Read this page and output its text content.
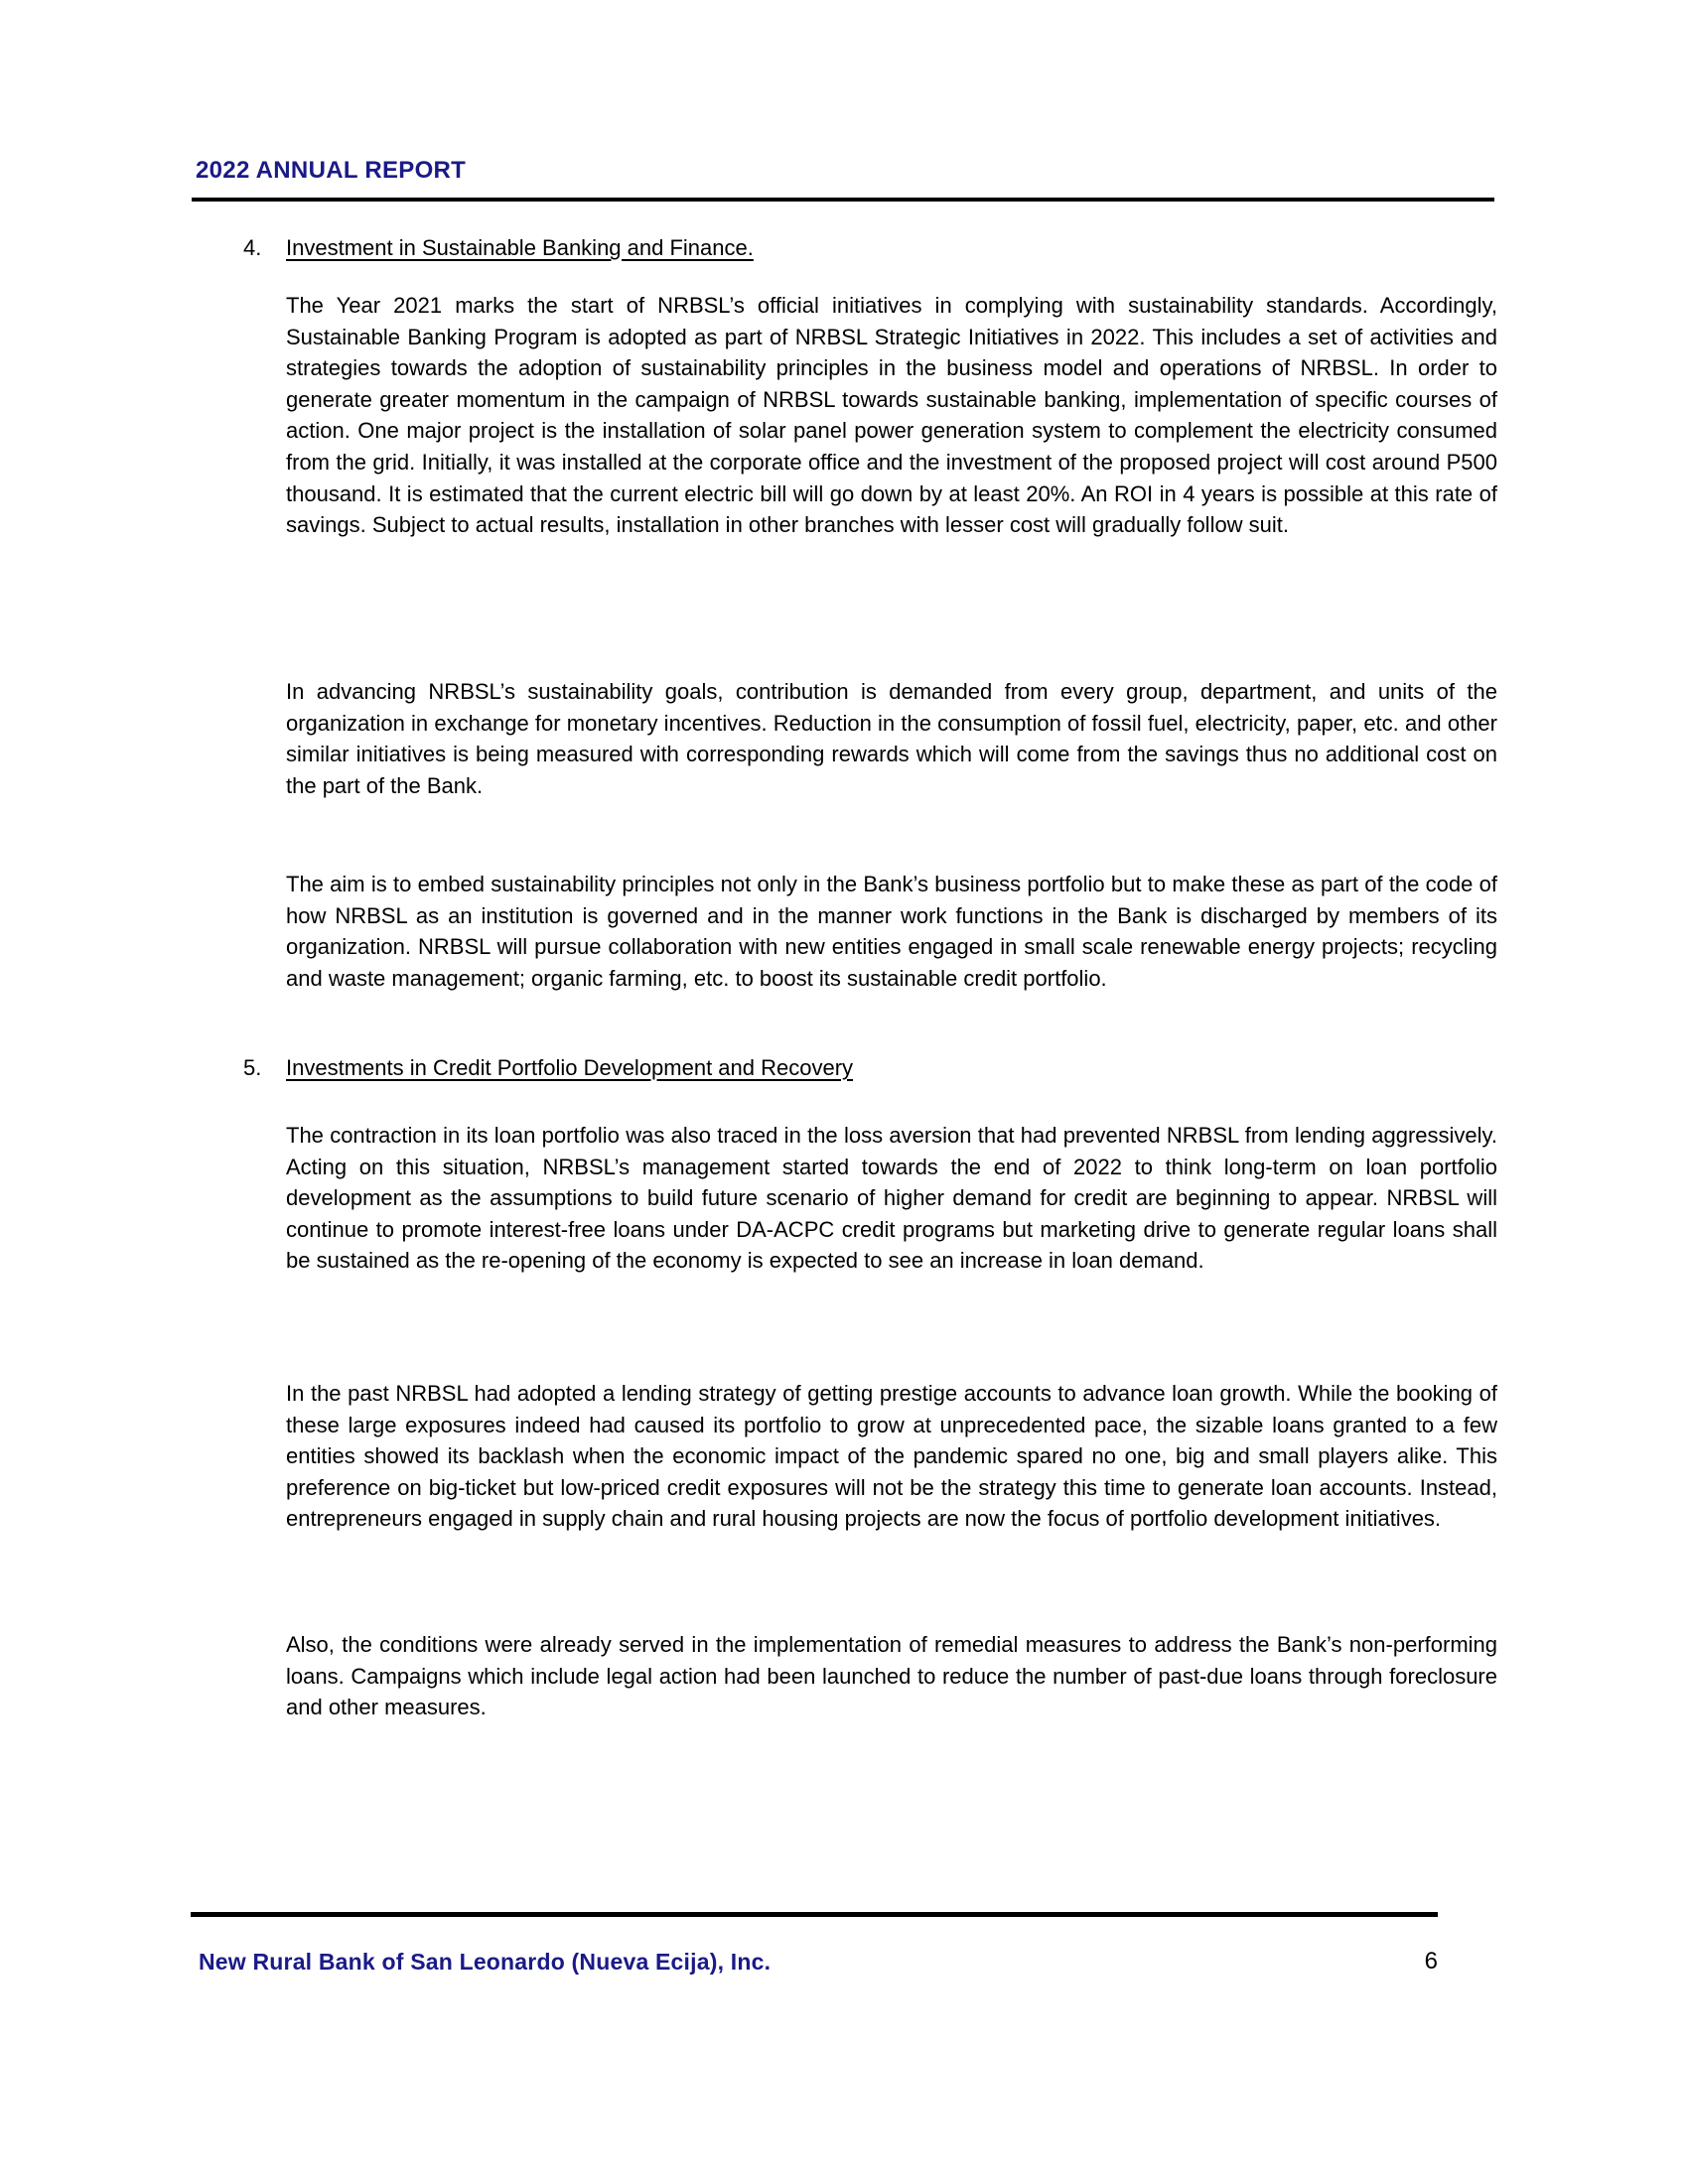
2022 ANNUAL REPORT
4. Investment in Sustainable Banking and Finance.
The Year 2021 marks the start of NRBSL’s official initiatives in complying with sustainability standards. Accordingly, Sustainable Banking Program is adopted as part of NRBSL Strategic Initiatives in 2022. This includes a set of activities and strategies towards the adoption of sustainability principles in the business model and operations of NRBSL. In order to generate greater momentum in the campaign of NRBSL towards sustainable banking, implementation of specific courses of action. One major project is the installation of solar panel power generation system to complement the electricity consumed from the grid. Initially, it was installed at the corporate office and the investment of the proposed project will cost around P500 thousand. It is estimated that the current electric bill will go down by at least 20%. An ROI in 4 years is possible at this rate of savings. Subject to actual results, installation in other branches with lesser cost will gradually follow suit.
In advancing NRBSL’s sustainability goals, contribution is demanded from every group, department, and units of the organization in exchange for monetary incentives. Reduction in the consumption of fossil fuel, electricity, paper, etc. and other similar initiatives is being measured with corresponding rewards which will come from the savings thus no additional cost on the part of the Bank.
The aim is to embed sustainability principles not only in the Bank’s business portfolio but to make these as part of the code of how NRBSL as an institution is governed and in the manner work functions in the Bank is discharged by members of its organization. NRBSL will pursue collaboration with new entities engaged in small scale renewable energy projects; recycling and waste management; organic farming, etc. to boost its sustainable credit portfolio.
5. Investments in Credit Portfolio Development and Recovery
The contraction in its loan portfolio was also traced in the loss aversion that had prevented NRBSL from lending aggressively. Acting on this situation, NRBSL’s management started towards the end of 2022 to think long-term on loan portfolio development as the assumptions to build future scenario of higher demand for credit are beginning to appear. NRBSL will continue to promote interest-free loans under DA-ACPC credit programs but marketing drive to generate regular loans shall be sustained as the re-opening of the economy is expected to see an increase in loan demand.
In the past NRBSL had adopted a lending strategy of getting prestige accounts to advance loan growth. While the booking of these large exposures indeed had caused its portfolio to grow at unprecedented pace, the sizable loans granted to a few entities showed its backlash when the economic impact of the pandemic spared no one, big and small players alike. This preference on big-ticket but low-priced credit exposures will not be the strategy this time to generate loan accounts. Instead, entrepreneurs engaged in supply chain and rural housing projects are now the focus of portfolio development initiatives.
Also, the conditions were already served in the implementation of remedial measures to address the Bank’s non-performing loans. Campaigns which include legal action had been launched to reduce the number of past-due loans through foreclosure and other measures.
New Rural Bank of San Leonardo (Nueva Ecija), Inc.	6
